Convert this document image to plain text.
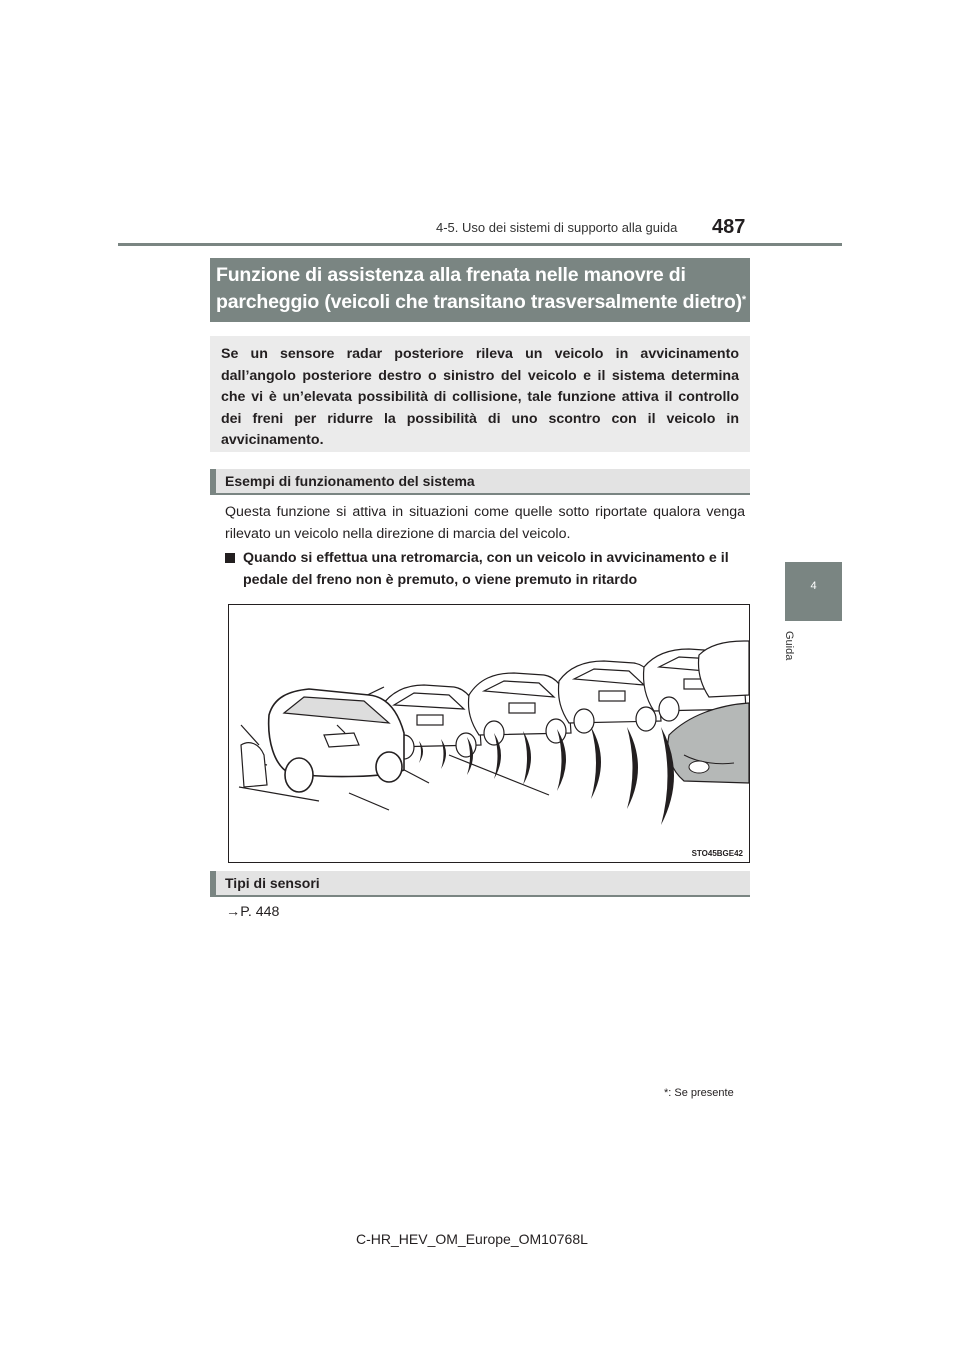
4-5. Uso dei sistemi di supporto alla guida 487
4
Guida
Funzione di assistenza alla frenata nelle manovre di
parcheggio (veicoli che transitano trasversalmente dietro)*
Se un sensore radar posteriore rileva un veicolo in avvicinamento dall’angolo posteriore destro o sinistro del veicolo e il sistema determina che vi è un’elevata possibilità di collisione, tale funzione attiva il controllo dei freni per ridurre la possibilità di uno scontro con il veicolo in avvicinamento.
Esempi di funzionamento del sistema
Questa funzione si attiva in situazioni come quelle sotto riportate qualora venga rilevato un veicolo nella direzione di marcia del veicolo.
Quando si effettua una retromarcia, con un veicolo in avvicinamento e il pedale del freno non è premuto, o viene premuto in ritardo
STO45BGE42
Tipi di sensori
→P. 448
*: Se presente
C-HR_HEV_OM_Europe_OM10768L
